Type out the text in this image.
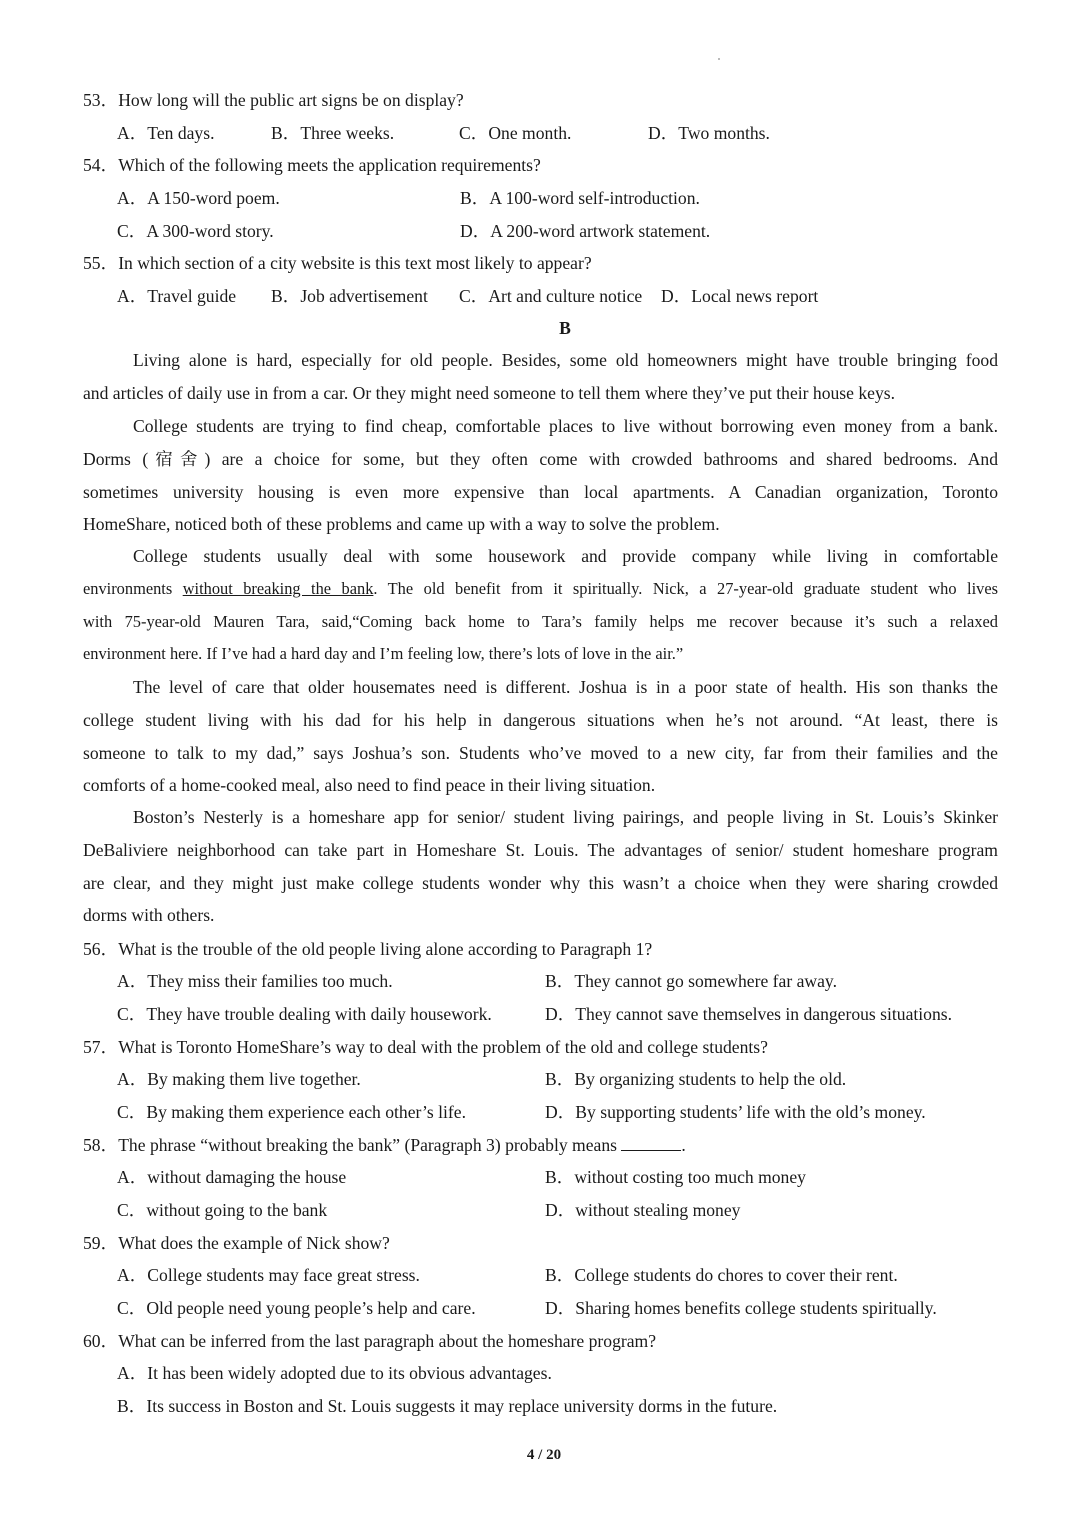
53．How long will the public art signs be on display?
A．Ten days.	B．Three weeks.	C．One month.	D．Two months.
54．Which of the following meets the application requirements?
A．A 150-word poem.	B．A 100-word self-introduction.
C．A 300-word story.	D．A 200-word artwork statement.
55．In which section of a city website is this text most likely to appear?
A．Travel guide B．Job advertisement C．Art and culture notice D．Local news report
B
Living alone is hard, especially for old people. Besides, some old homeowners might have trouble bringing food
and articles of daily use in from a car. Or they might need someone to tell them where they’ve put their house keys.
College students are trying to find cheap, comfortable places to live without borrowing even money from a bank.
Dorms (宿舍) are a choice for some, but they often come with crowded bathrooms and shared bedrooms. And
sometimes university housing is even more expensive than local apartments. A Canadian organization, Toronto
HomeShare, noticed both of these problems and came up with a way to solve the problem.
College students usually deal with some housework and provide company while living in comfortable
environments without breaking the bank. The old benefit from it spiritually. Nick, a 27-year-old graduate student who lives
with 75-year-old Mauren Tara, said,“Coming back home to Tara’s family helps me recover because it’s such a relaxed
environment here. If I’ve had a hard day and I’m feeling low, there’s lots of love in the air.”
The level of care that older housemates need is different. Joshua is in a poor state of health. His son thanks the
college student living with his dad for his help in dangerous situations when he’s not around. “At least, there is
someone to talk to my dad,” says Joshua’s son. Students who’ve moved to a new city, far from their families and the
comforts of a home-cooked meal, also need to find peace in their living situation.
Boston’s Nesterly is a homeshare app for senior/ student living pairings, and people living in St. Louis’s Skinker
DeBaliviere neighborhood can take part in Homeshare St. Louis. The advantages of senior/ student homeshare program
are clear, and they might just make college students wonder why this wasn’t a choice when they were sharing crowded
dorms with others.
56．What is the trouble of the old people living alone according to Paragraph 1?
A．They miss their families too much.	B．They cannot go somewhere far away.
C．They have trouble dealing with daily housework.	D．They cannot save themselves in dangerous situations.
57．What is Toronto HomeShare’s way to deal with the problem of the old and college students?
A．By making them live together.	B．By organizing students to help the old.
C．By making them experience each other’s life.	D．By supporting students’ life with the old’s money.
58．The phrase “without breaking the bank” (Paragraph 3) probably means	.
A．without damaging the house	B．without costing too much money
C．without going to the bank	D．without stealing money
59．What does the example of Nick show?
A．College students may face great stress.	B．College students do chores to cover their rent.
C．Old people need young people’s help and care.	D．Sharing homes benefits college students spiritually.
60．What can be inferred from the last paragraph about the homeshare program?
A．It has been widely adopted due to its obvious advantages.
B．Its success in Boston and St. Louis suggests it may replace university dorms in the future.
4 / 20
